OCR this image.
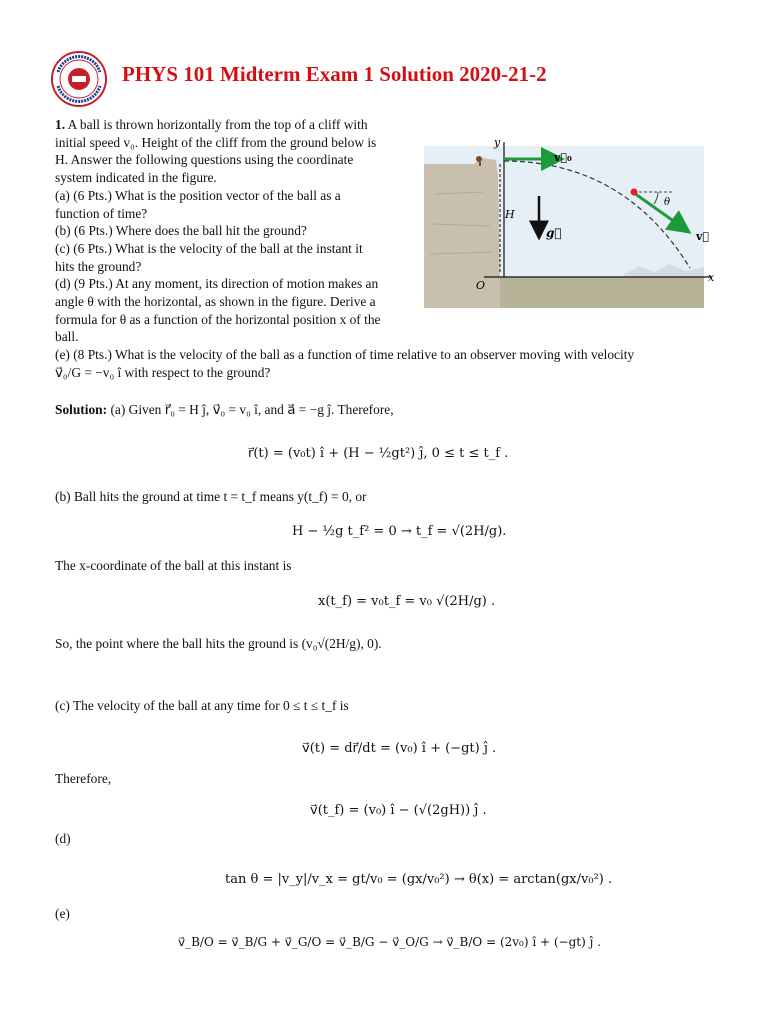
PHYS 101 Midterm Exam 1 Solution 2020-21-2
1. A ball is thrown horizontally from the top of a cliff with
initial speed v₀. Height of the cliff from the ground below is
H. Answer the following questions using the coordinate
system indicated in the figure.
(a) (6 Pts.) What is the position vector of the ball as a
function of time?
(b) (6 Pts.) Where does the ball hit the ground?
(c) (6 Pts.) What is the velocity of the ball at the instant it
hits the ground?
(d) (9 Pts.) At any moment, its direction of motion makes an
angle θ with the horizontal, as shown in the figure. Derive a
formula for θ as a function of the horizontal position x of the
ball.
(e) (8 Pts.) What is the velocity of the ball as a function of time relative to an observer moving with velocity
v⃗₀/G = −v₀ î with respect to the ground?
y
x
O
H
v⃗₀
g⃗
θ
v⃗
Solution: (a) Given r⃗₀ = H ĵ, v⃗₀ = v₀ î, and a⃗ = −g ĵ. Therefore,
r⃗(t) = (v₀t) î + (H − ½gt²) ĵ, 0 ≤ t ≤ t_f .
(b) Ball hits the ground at time t = t_f means y(t_f) = 0, or
H − ½g t_f² = 0 → t_f = √(2H/g).
The x-coordinate of the ball at this instant is
x(t_f) = v₀t_f = v₀ √(2H/g) .
So, the point where the ball hits the ground is (v₀√(2H/g), 0).
(c) The velocity of the ball at any time for 0 ≤ t ≤ t_f is
v⃗(t) = dr⃗/dt = (v₀) î + (−gt) ĵ .
Therefore,
v⃗(t_f) = (v₀) î − (√(2gH)) ĵ .
(d)
tan θ = |v_y|/v_x = gt/v₀ = (gx/v₀²) → θ(x) = arctan(gx/v₀²) .
(e)
v⃗_B/O = v⃗_B/G + v⃗_G/O = v⃗_B/G − v⃗_O/G → v⃗_B/O = (2v₀) î + (−gt) ĵ .
